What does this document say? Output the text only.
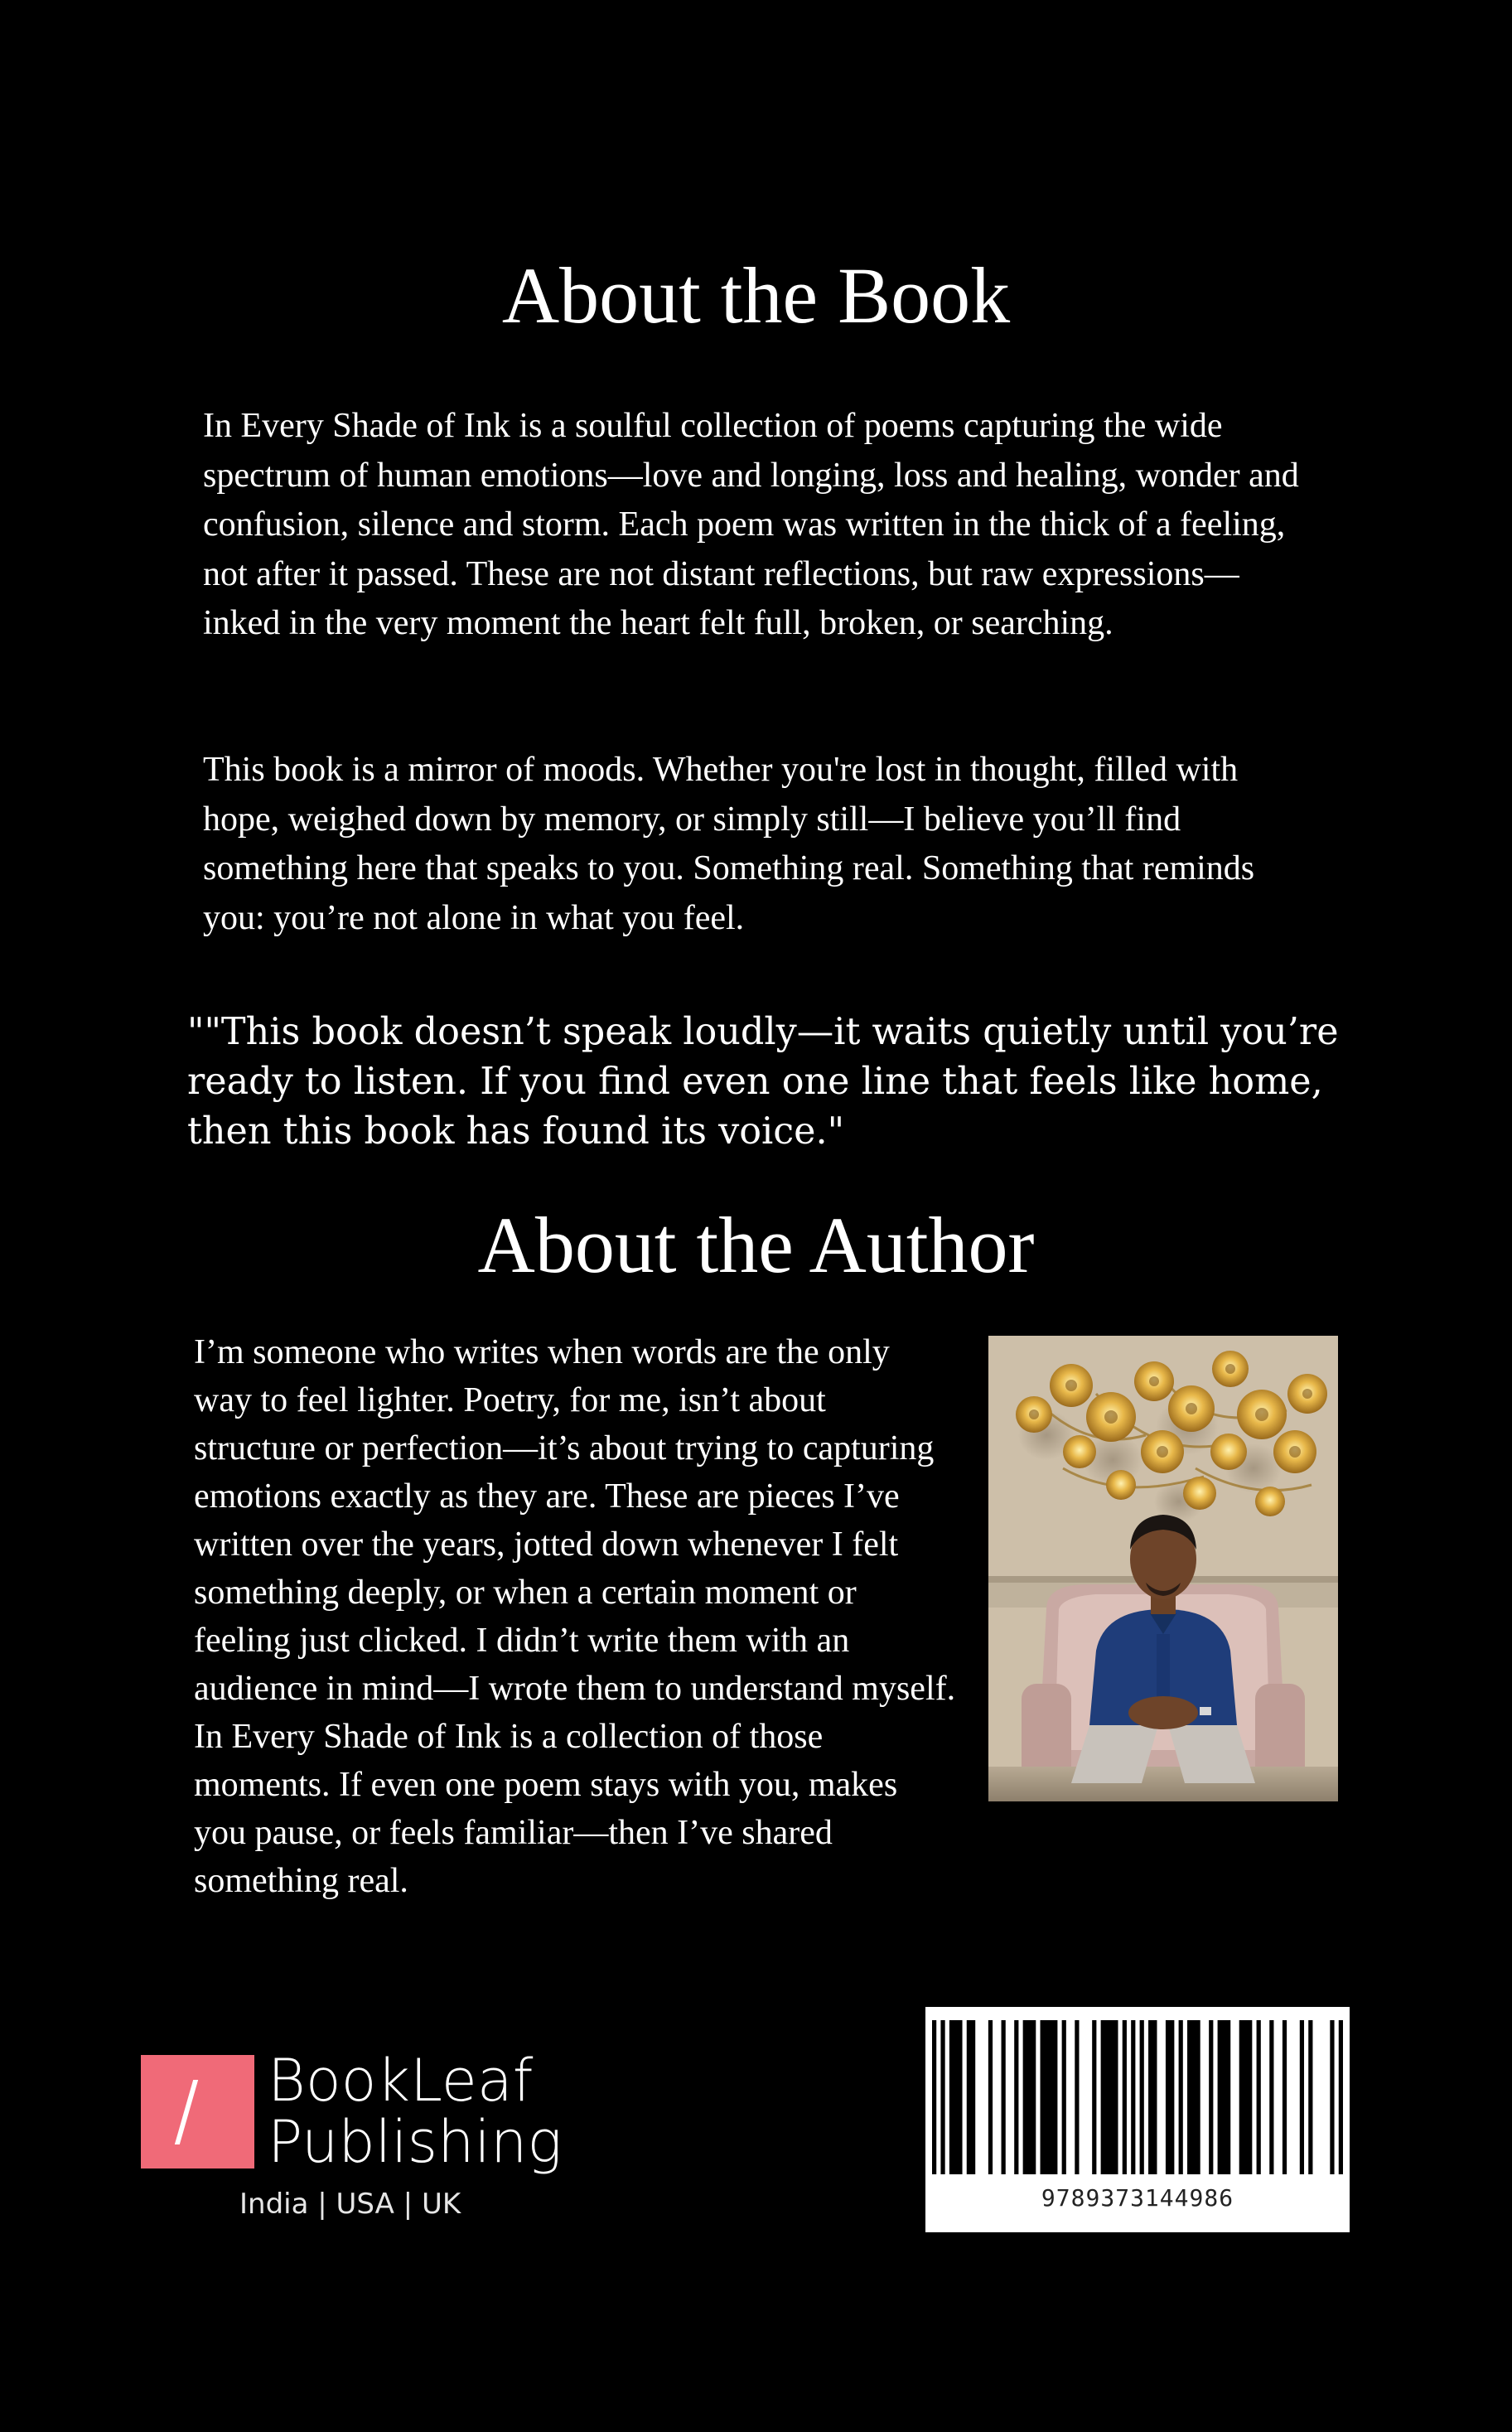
About the Book

In Every Shade of Ink is a soulful collection of poems capturing the wide spectrum of human emotions—love and longing, loss and healing, wonder and confusion, silence and storm. Each poem was written in the thick of a feeling, not after it passed. These are not distant reflections, but raw expressions—inked in the very moment the heart felt full, broken, or searching.

This book is a mirror of moods. Whether you're lost in thought, filled with hope, weighed down by memory, or simply still—I believe you’ll find something here that speaks to you. Something real. Something that reminds you: you’re not alone in what you feel.

""This book doesn’t speak loudly—it waits quietly until you’re ready to listen. If you find even one line that feels like home, then this book has found its voice."

About the Author

I’m someone who writes when words are the only way to feel lighter. Poetry, for me, isn’t about structure or perfection—it’s about trying to capturing emotions exactly as they are. These are pieces I’ve written over the years, jotted down whenever I felt something deeply, or when a certain moment or feeling just clicked. I didn’t write them with an audience in mind—I wrote them to understand myself. In Every Shade of Ink is a collection of those moments. If even one poem stays with you, makes you pause, or feels familiar—then I’ve shared something real.

BookLeaf

Publishing

India | USA | UK	9789373144986
